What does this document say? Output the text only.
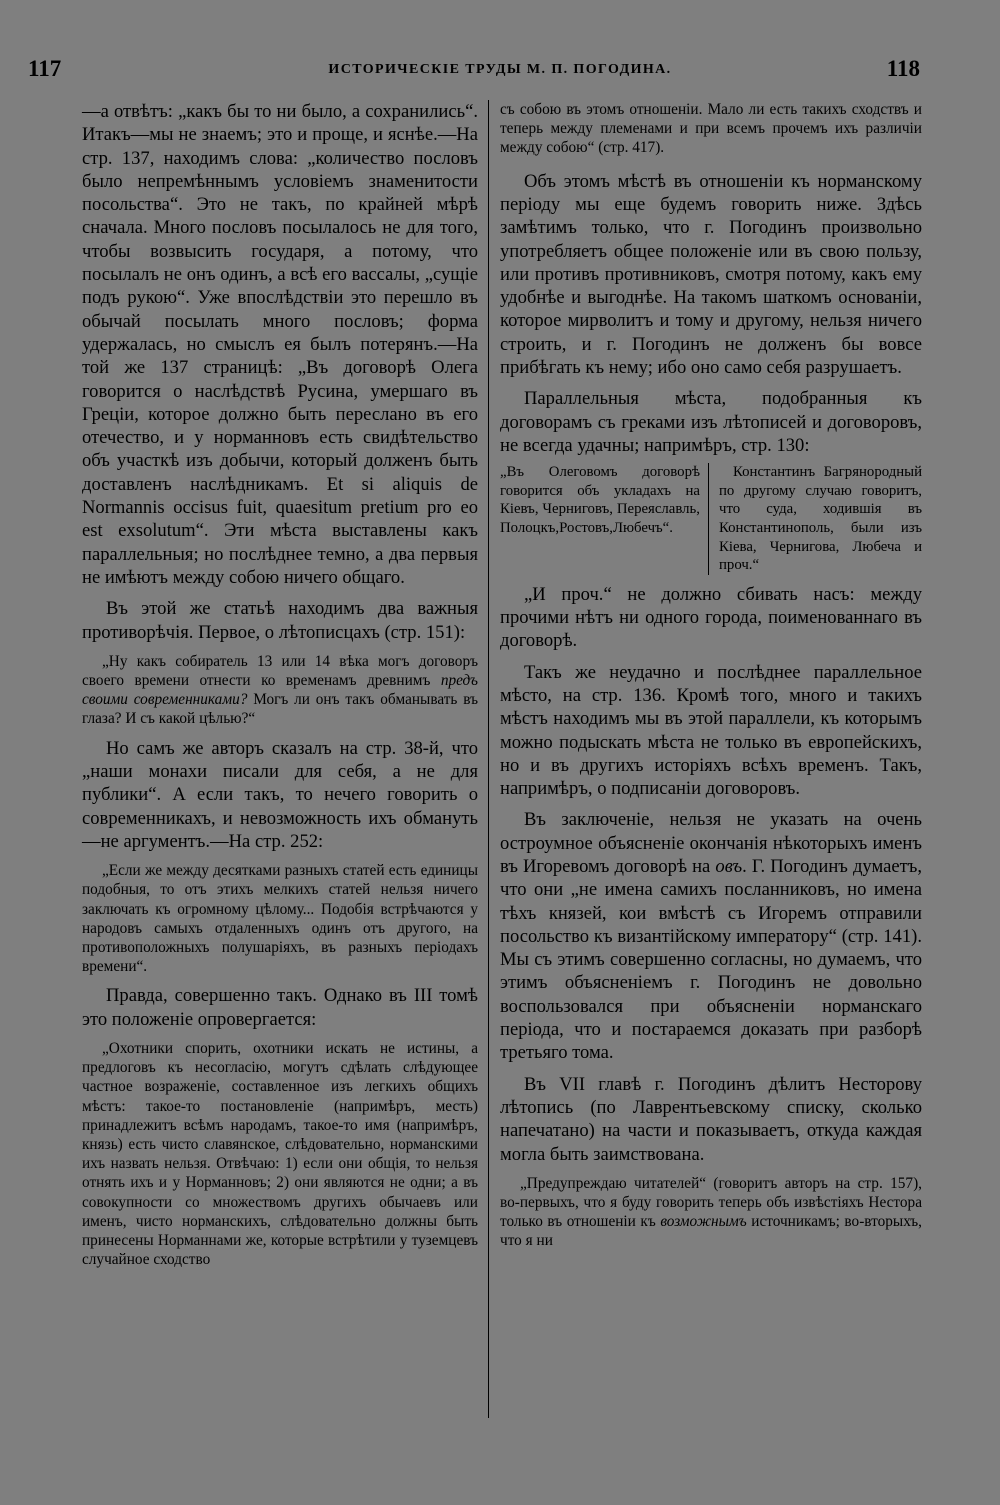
117	ИСТОРИЧЕСКІЕ ТРУДЫ М. П. ПОГОДИНА.	118

—а отвѣтъ: „какъ бы то ни было, а сохранились“. Итакъ—мы не знаемъ; это и проще, и яснѣе.—На стр. 137, находимъ слова: „количество пословъ было непремѣннымъ условіемъ знаменитости посольства“. Это не такъ, по крайней мѣрѣ сначала. Много пословъ посылалось не для того, чтобы возвысить государя, а потому, что посылалъ не онъ одинъ, а всѣ его вассалы, „сущіе подъ рукою“. Уже впослѣдствіи это перешло въ обычай посылать много пословъ; форма удержалась, но смыслъ ея былъ потерянъ.—На той же 137 страницѣ: „Въ договорѣ Олега говорится о наслѣдствѣ Русина, умершаго въ Греціи, которое должно быть переслано въ его отечество, и у норманновъ есть свидѣтельство объ участкѣ изъ добычи, который долженъ быть доставленъ наслѣдникамъ. Et si aliquis de Normannis occisus fuit, quaesitum pretium pro eo est exsolutum“. Эти мѣста выставлены какъ параллельныя; но послѣднее темно, а два первыя не имѣютъ между собою ничего общаго.

Въ этой же статьѣ находимъ два важныя противорѣчія. Первое, о лѣтописцахъ (стр. 151):

„Ну какъ собиратель 13 или 14 вѣка могъ договоръ своего времени отнести ко временамъ древнимъ предъ своими современниками? Могъ ли онъ такъ обманывать въ глаза? И съ какой цѣлью?“

Но самъ же авторъ сказалъ на стр. 38-й, что „наши монахи писали для себя, а не для публики“. А если такъ, то нечего говорить о современникахъ, и невозможность ихъ обмануть—не аргументъ.—На стр. 252:

„Если же между десятками разныхъ статей есть единицы подобныя, то отъ этихъ мелкихъ статей нельзя ничего заключать къ огромному цѣлому... Подобія встрѣчаются у народовъ самыхъ отдаленныхъ одинъ отъ другого, на противоположныхъ полушаріяхъ, въ разныхъ періодахъ времени“.

Правда, совершенно такъ. Однако въ III томѣ это положеніе опровергается:

„Охотники спорить, охотники искать не истины, а предлоговъ къ несогласію, могутъ сдѣлать слѣдующее частное возраженіе, составленное изъ легкихъ общихъ мѣстъ: такое-то постановленіе (напримѣръ, месть) принадлежитъ всѣмъ народамъ, такое-то имя (напримѣръ, князь) есть чисто славянское, слѣдовательно, норманскими ихъ назвать нельзя. Отвѣчаю: 1) если они общія, то нельзя отнять ихъ и у Норманновъ; 2) они являются не одни; а въ совокупности со множествомъ другихъ обычаевъ или именъ, чисто норманскихъ, слѣдовательно должны быть принесены Норманнами же, которые встрѣтили у туземцевъ случайное сходство

съ собою въ этомъ отношеніи. Мало ли есть такихъ сходствъ и теперь между племенами и при всемъ прочемъ ихъ различіи между собою“ (стр. 417).

Объ этомъ мѣстѣ въ отношеніи къ норманскому періоду мы еще будемъ говорить ниже. Здѣсь замѣтимъ только, что г. Погодинъ произвольно употребляетъ общее положеніе или въ свою пользу, или противъ противниковъ, смотря потому, какъ ему удобнѣе и выгоднѣе. На такомъ шаткомъ основаніи, которое мирволитъ и тому и другому, нельзя ничего строить, и г. Погодинъ не долженъ бы вовсе прибѣгать къ нему; ибо оно само себя разрушаетъ.

Параллельныя мѣста, подобранныя къ договорамъ съ греками изъ лѣтописей и договоровъ, не всегда удачны; напримѣръ, стр. 130:

„Въ Олеговомъ договорѣ говорится объ укладахъ на Кіевъ, Черниговъ, Переяславль, Полоцкъ,Ростовъ,Любечъ“.
Константинъ Багрянородный по другому случаю говоритъ, что суда, ходившія въ Константинополь, были изъ Кіева, Чернигова, Любеча и проч.“

„И проч.“ не должно сбивать насъ: между прочими нѣтъ ни одного города, поименованнаго въ договорѣ.

Такъ же неудачно и послѣднее параллельное мѣсто, на стр. 136. Кромѣ того, много и такихъ мѣстъ находимъ мы въ этой параллели, къ которымъ можно подыскать мѣста не только въ европейскихъ, но и въ другихъ исторіяхъ всѣхъ временъ. Такъ, напримѣръ, о подписаніи договоровъ.

Въ заключеніе, нельзя не указать на очень остроумное объясненіе окончанія нѣкоторыхъ именъ въ Игоревомъ договорѣ на овъ. Г. Погодинъ думаетъ, что они „не имена самихъ посланниковъ, но имена тѣхъ князей, кои вмѣстѣ съ Игоремъ отправили посольство къ византійскому императору“ (стр. 141). Мы съ этимъ совершенно согласны, но думаемъ, что этимъ объясненіемъ г. Погодинъ не довольно воспользовался при объясненіи норманскаго періода, что и постараемся доказать при разборѣ третьяго тома.

Въ VII главѣ г. Погодинъ дѣлитъ Несторову лѣтопись (по Лаврентьевскому списку, сколько напечатано) на части и показываетъ, откуда каждая могла быть заимствована.

„Предупреждаю читателей“ (говоритъ авторъ на стр. 157), во-первыхъ, что я буду говорить теперь объ извѣстіяхъ Нестора только въ отношеніи къ возможнымъ источникамъ; во-вторыхъ, что я ни
